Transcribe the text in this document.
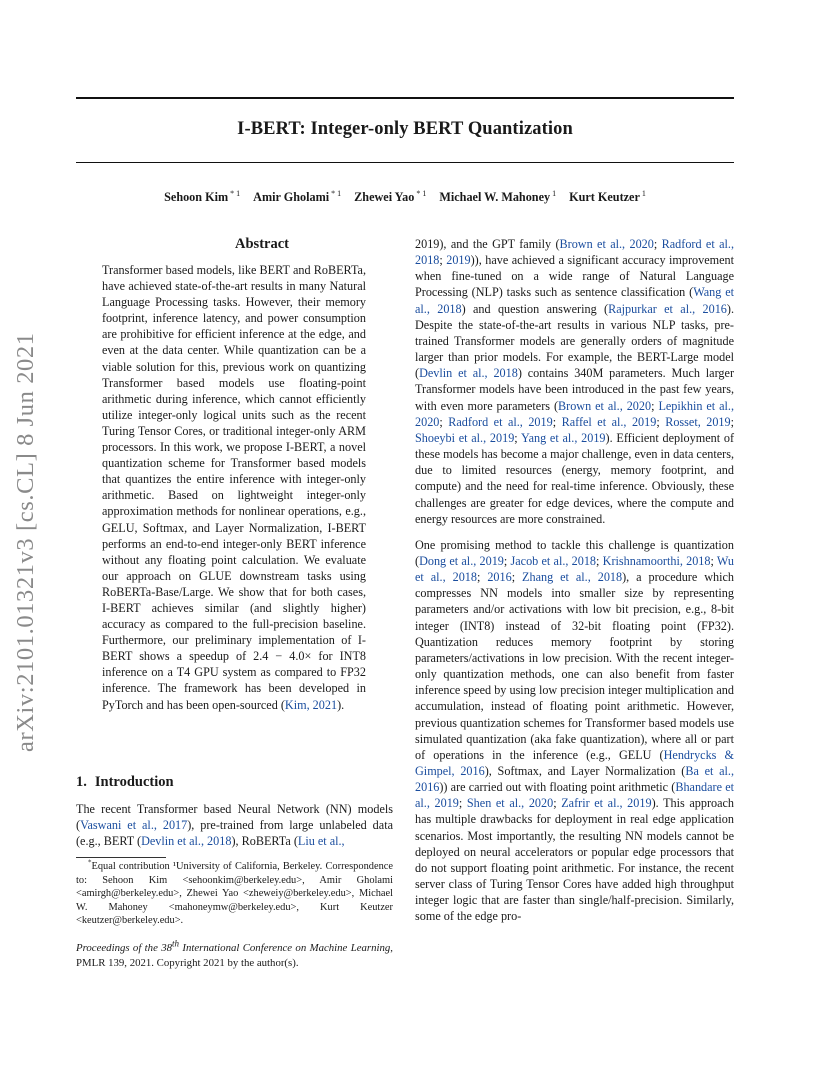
arXiv:2101.01321v3 [cs.CL] 8 Jun 2021
I-BERT: Integer-only BERT Quantization
Sehoon Kim $^{* 1}$ Amir Gholami $^{* 1}$ Zhewei Yao $^{* 1}$ Michael W. Mahoney $^1$ Kurt Keutzer $^1$
Abstract
Transformer based models, like BERT and RoBERTa, have achieved state-of-the-art results in many Natural Language Processing tasks. However, their memory footprint, inference latency, and power consumption are prohibitive for efficient inference at the edge, and even at the data center. While quantization can be a viable solution for this, previous work on quantizing Transformer based models use floating-point arithmetic during inference, which cannot efficiently utilize integer-only logical units such as the recent Turing Tensor Cores, or traditional integer-only ARM processors. In this work, we propose I-BERT, a novel quantization scheme for Transformer based models that quantizes the entire inference with integer-only arithmetic. Based on lightweight integer-only approximation methods for nonlinear operations, e.g., GELU, Softmax, and Layer Normalization, I-BERT performs an end-to-end integer-only BERT inference without any floating point calculation. We evaluate our approach on GLUE downstream tasks using RoBERTa-Base/Large. We show that for both cases, I-BERT achieves similar (and slightly higher) accuracy as compared to the full-precision baseline. Furthermore, our preliminary implementation of I-BERT shows a speedup of 2.4 − 4.0× for INT8 inference on a T4 GPU system as compared to FP32 inference. The framework has been developed in PyTorch and has been open-sourced (Kim, 2021).
1. Introduction
The recent Transformer based Neural Network (NN) models (Vaswani et al., 2017), pre-trained from large unlabeled data (e.g., BERT (Devlin et al., 2018), RoBERTa (Liu et al.,
*Equal contribution ¹University of California, Berkeley. Correspondence to: Sehoon Kim <sehoonkim@berkeley.edu>, Amir Gholami <amirgh@berkeley.edu>, Zhewei Yao <zheweiy@berkeley.edu>, Michael W. Mahoney <mahoneymw@berkeley.edu>, Kurt Keutzer <keutzer@berkeley.edu>.
Proceedings of the 38th International Conference on Machine Learning, PMLR 139, 2021. Copyright 2021 by the author(s).

2019), and the GPT family (Brown et al., 2020; Radford et al., 2018; 2019)), have achieved a significant accuracy improvement when fine-tuned on a wide range of Natural Language Processing (NLP) tasks such as sentence classification (Wang et al., 2018) and question answering (Rajpurkar et al., 2016). Despite the state-of-the-art results in various NLP tasks, pre-trained Transformer models are generally orders of magnitude larger than prior models. For example, the BERT-Large model (Devlin et al., 2018) contains 340M parameters. Much larger Transformer models have been introduced in the past few years, with even more parameters (Brown et al., 2020; Lepikhin et al., 2020; Radford et al., 2019; Raffel et al., 2019; Rosset, 2019; Shoeybi et al., 2019; Yang et al., 2019). Efficient deployment of these models has become a major challenge, even in data centers, due to limited resources (energy, memory footprint, and compute) and the need for real-time inference. Obviously, these challenges are greater for edge devices, where the compute and energy resources are more constrained.

One promising method to tackle this challenge is quantization (Dong et al., 2019; Jacob et al., 2018; Krishnamoorthi, 2018; Wu et al., 2018; 2016; Zhang et al., 2018), a procedure which compresses NN models into smaller size by representing parameters and/or activations with low bit precision, e.g., 8-bit integer (INT8) instead of 32-bit floating point (FP32). Quantization reduces memory footprint by storing parameters/activations in low precision. With the recent integer-only quantization methods, one can also benefit from faster inference speed by using low precision integer multiplication and accumulation, instead of floating point arithmetic. However, previous quantization schemes for Transformer based models use simulated quantization (aka fake quantization), where all or part of operations in the inference (e.g., GELU (Hendrycks & Gimpel, 2016), Softmax, and Layer Normalization (Ba et al., 2016)) are carried out with floating point arithmetic (Bhandare et al., 2019; Shen et al., 2020; Zafrir et al., 2019). This approach has multiple drawbacks for deployment in real edge application scenarios. Most importantly, the resulting NN models cannot be deployed on neural accelerators or popular edge processors that do not support floating point arithmetic. For instance, the recent server class of Turing Tensor Cores have added high throughput integer logic that are faster than single/half-precision. Similarly, some of the edge pro-
